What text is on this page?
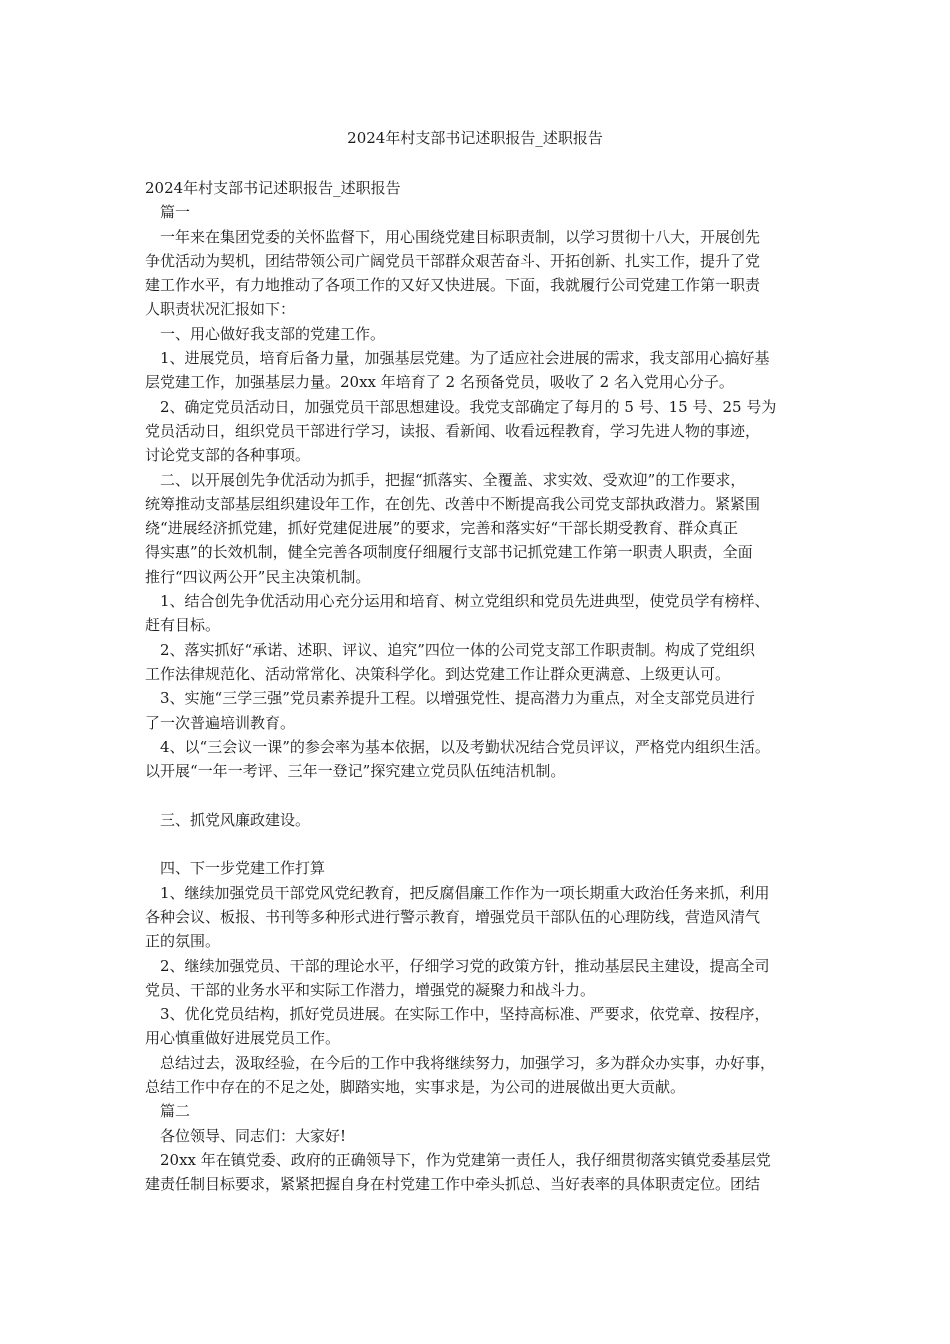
2024年村支部书记述职报告_述职报告
2024年村支部书记述职报告_述职报告
篇一
一年来在集团党委的关怀监督下，用心围绕党建目标职责制，以学习贯彻十八大，开展创先
争优活动为契机，团结带领公司广阔党员干部群众艰苦奋斗、开拓创新、扎实工作，提升了党
建工作水平，有力地推动了各项工作的又好又快进展。下面，我就履行公司党建工作第一职责
人职责状况汇报如下：
一、用心做好我支部的党建工作。
1、进展党员，培育后备力量，加强基层党建。为了适应社会进展的需求，我支部用心搞好基
层党建工作，加强基层力量。20xx 年培育了 2 名预备党员，吸收了 2 名入党用心分子。
2、确定党员活动日，加强党员干部思想建设。我党支部确定了每月的 5 号、15 号、25 号为
党员活动日，组织党员干部进行学习，读报、看新闻、收看远程教育，学习先进人物的事迹，
讨论党支部的各种事项。
二、以开展创先争优活动为抓手，把握“抓落实、全覆盖、求实效、受欢迎”的工作要求，
统筹推动支部基层组织建设年工作，在创先、改善中不断提高我公司党支部执政潜力。紧紧围
绕“进展经济抓党建，抓好党建促进展”的要求，完善和落实好“干部长期受教育、群众真正
得实惠”的长效机制，健全完善各项制度仔细履行支部书记抓党建工作第一职责人职责，全面
推行“四议两公开”民主决策机制。
1、结合创先争优活动用心充分运用和培育、树立党组织和党员先进典型，使党员学有榜样、
赶有目标。
2、落实抓好“承诺、述职、评议、追究”四位一体的公司党支部工作职责制。构成了党组织
工作法律规范化、活动常常化、决策科学化。到达党建工作让群众更满意、上级更认可。
3、实施“三学三强”党员素养提升工程。以增强党性、提高潜力为重点，对全支部党员进行
了一次普遍培训教育。
4、以“三会议一课”的参会率为基本依据，以及考勤状况结合党员评议，严格党内组织生活。
以开展“一年一考评、三年一登记”探究建立党员队伍纯洁机制。
三、抓党风廉政建设。
四、下一步党建工作打算
1、继续加强党员干部党风党纪教育，把反腐倡廉工作作为一项长期重大政治任务来抓，利用
各种会议、板报、书刊等多种形式进行警示教育，增强党员干部队伍的心理防线，营造风清气
正的氛围。
2、继续加强党员、干部的理论水平，仔细学习党的政策方针，推动基层民主建设，提高全司
党员、干部的业务水平和实际工作潜力，增强党的凝聚力和战斗力。
3、优化党员结构，抓好党员进展。在实际工作中，坚持高标准、严要求，依党章、按程序，
用心慎重做好进展党员工作。
总结过去，汲取经验，在今后的工作中我将继续努力，加强学习，多为群众办实事，办好事，
总结工作中存在的不足之处，脚踏实地，实事求是，为公司的进展做出更大贡献。
篇二
各位领导、同志们：大家好!
20xx 年在镇党委、政府的正确领导下，作为党建第一责任人，我仔细贯彻落实镇党委基层党
建责任制目标要求，紧紧把握自身在村党建工作中牵头抓总、当好表率的具体职责定位。团结
